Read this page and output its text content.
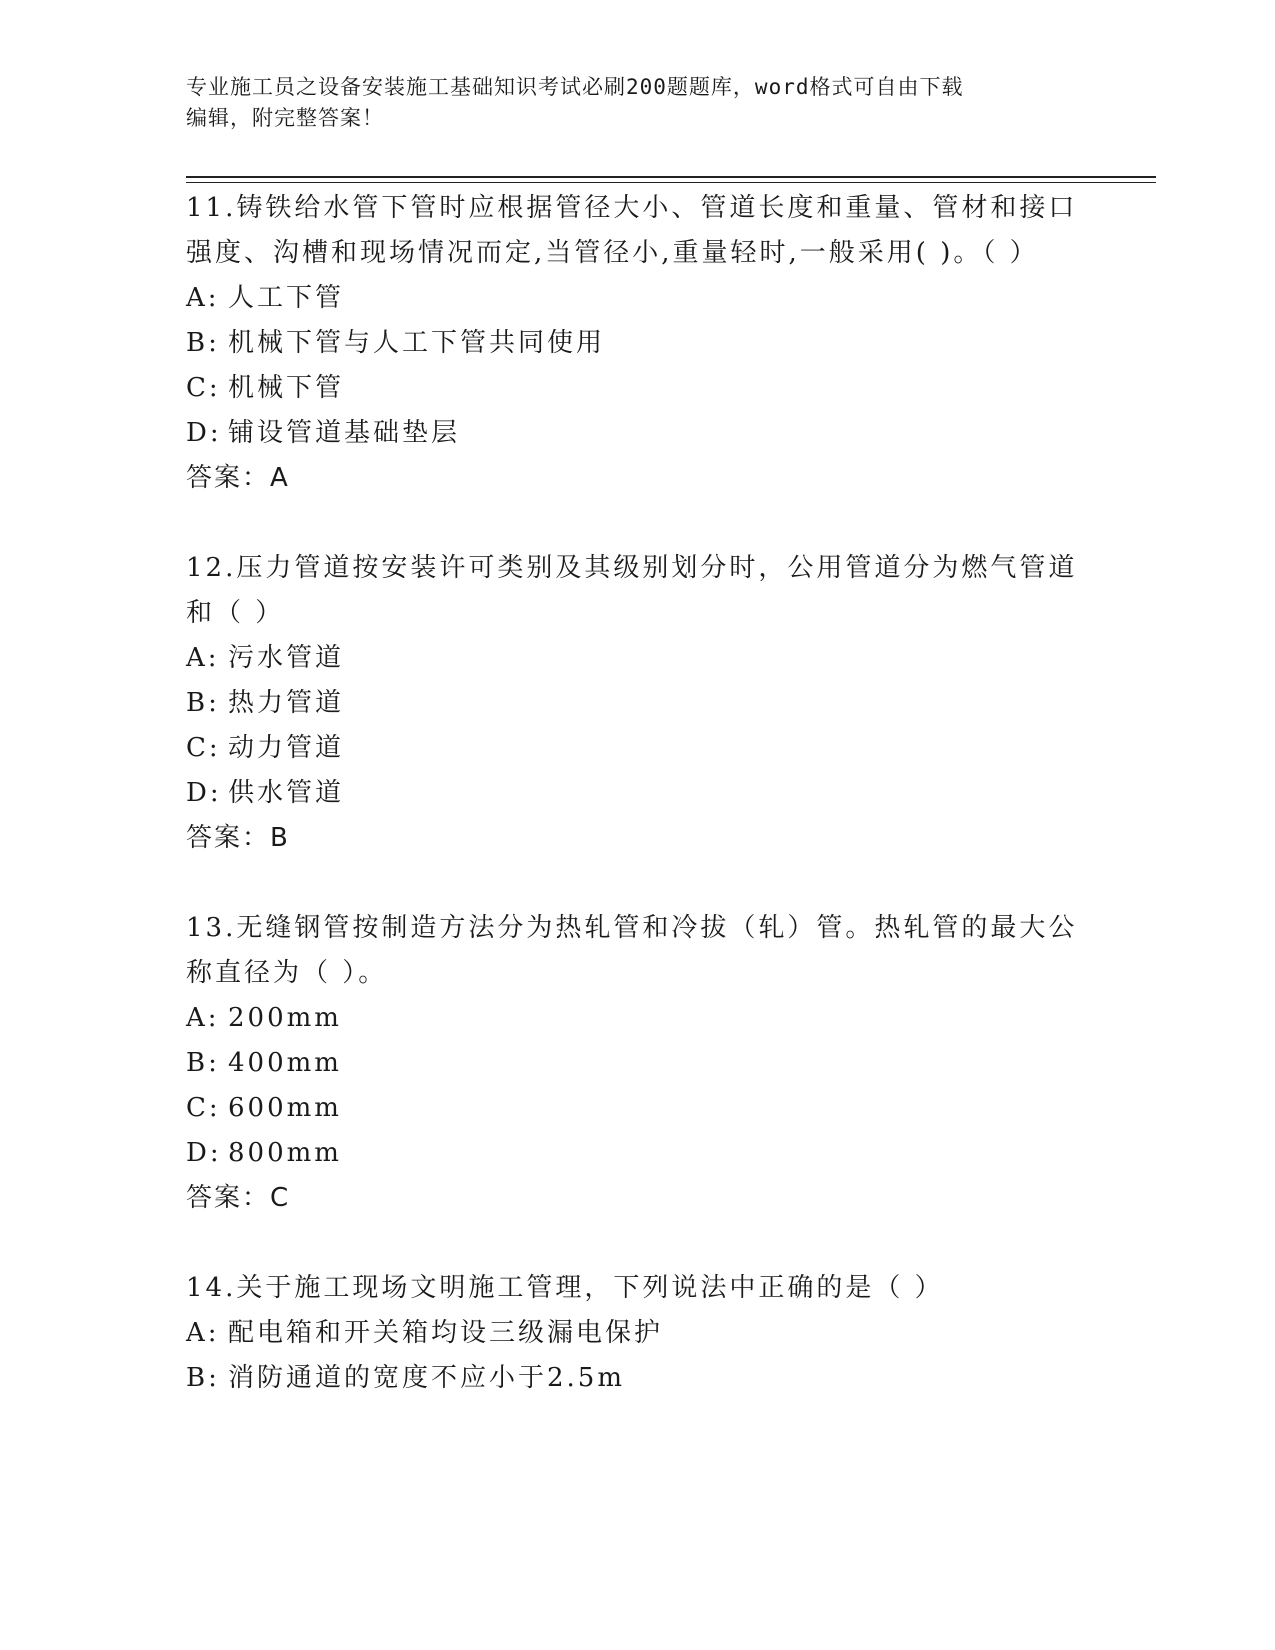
专业施工员之设备安装施工基础知识考试必刷200题题库，word格式可自由下载
编辑，附完整答案！
11.铸铁给水管下管时应根据管径大小、管道长度和重量、管材和接口强度、沟槽和现场情况而定,当管径小,重量轻时,一般采用( )。（ ）
A: 人工下管
B: 机械下管与人工下管共同使用
C: 机械下管
D: 铺设管道基础垫层
答案：A
12.压力管道按安装许可类别及其级别划分时，公用管道分为燃气管道和（ ）
A: 污水管道
B: 热力管道
C: 动力管道
D: 供水管道
答案：B
13.无缝钢管按制造方法分为热轧管和冷拔（轧）管。热轧管的最大公称直径为（ ）。
A: 200mm
B: 400mm
C: 600mm
D: 800mm
答案：C
14.关于施工现场文明施工管理，下列说法中正确的是（ ）
A: 配电箱和开关箱均设三级漏电保护
B: 消防通道的宽度不应小于2.5m
